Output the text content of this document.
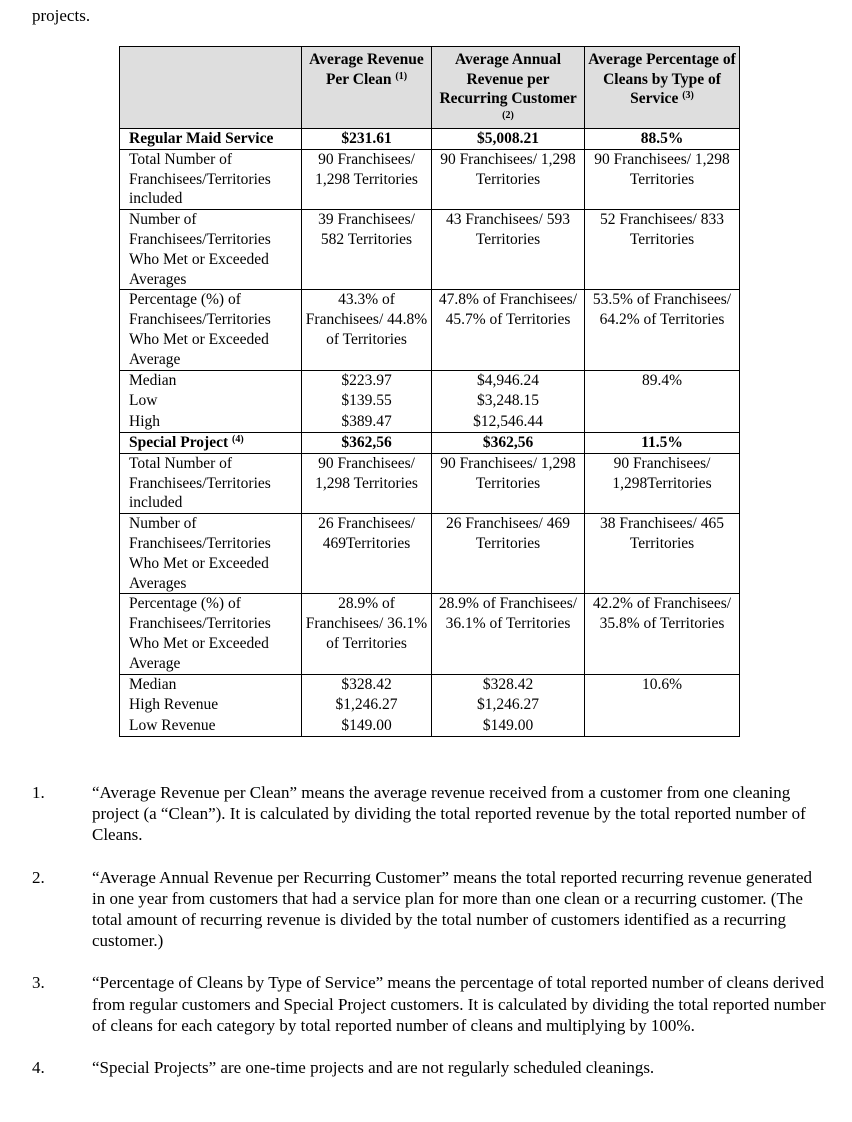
projects.
	Average Revenue Per Clean $^{(1)}$	Average Annual Revenue per Recurring Customer $^{(2)}$	Average Percentage of Cleans by Type of Service $^{(3)}$
Regular Maid Service	$231.61	$5,008.21	88.5%
Total Number of Franchisees/Territories included	90 Franchisees/ 1,298 Territories	90 Franchisees/ 1,298 Territories	90 Franchisees/ 1,298 Territories
Number of Franchisees/Territories Who Met or Exceeded Averages	39 Franchisees/ 582 Territories	43 Franchisees/ 593 Territories	52 Franchisees/ 833 Territories
Percentage (%) of Franchisees/Territories Who Met or Exceeded Average	43.3% of Franchisees/ 44.8% of Territories	47.8% of Franchisees/ 45.7% of Territories	53.5% of Franchisees/ 64.2% of Territories
Median	$223.97	$4,946.24	89.4%
Low	$139.55	$3,248.15	
High	$389.47	$12,546.44	
Special Project $^{(4)}$	$362,56	$362,56	11.5%
Total Number of Franchisees/Territories included	90 Franchisees/ 1,298 Territories	90 Franchisees/ 1,298 Territories	90 Franchisees/ 1,298Territories
Number of Franchisees/Territories Who Met or Exceeded Averages	26 Franchisees/ 469Territories	26 Franchisees/ 469 Territories	38 Franchisees/ 465 Territories
Percentage (%) of Franchisees/Territories Who Met or Exceeded Average	28.9% of Franchisees/ 36.1% of Territories	28.9% of Franchisees/ 36.1% of Territories	42.2% of Franchisees/ 35.8% of Territories
Median	$328.42	$328.42	10.6%
High Revenue	$1,246.27	$1,246.27	
Low Revenue	$149.00	$149.00	
1.	“Average Revenue per Clean” means the average revenue received from a customer from one cleaning project (a “Clean”). It is calculated by dividing the total reported revenue by the total reported number of Cleans.
2.	“Average Annual Revenue per Recurring Customer” means the total reported recurring revenue generated in one year from customers that had a service plan for more than one clean or a recurring customer. (The total amount of recurring revenue is divided by the total number of customers identified as a recurring customer.)
3.	“Percentage of Cleans by Type of Service” means the percentage of total reported number of cleans derived from regular customers and Special Project customers. It is calculated by dividing the total reported number of cleans for each category by total reported number of cleans and multiplying by 100%.
4.	“Special Projects” are one-time projects and are not regularly scheduled cleanings.
